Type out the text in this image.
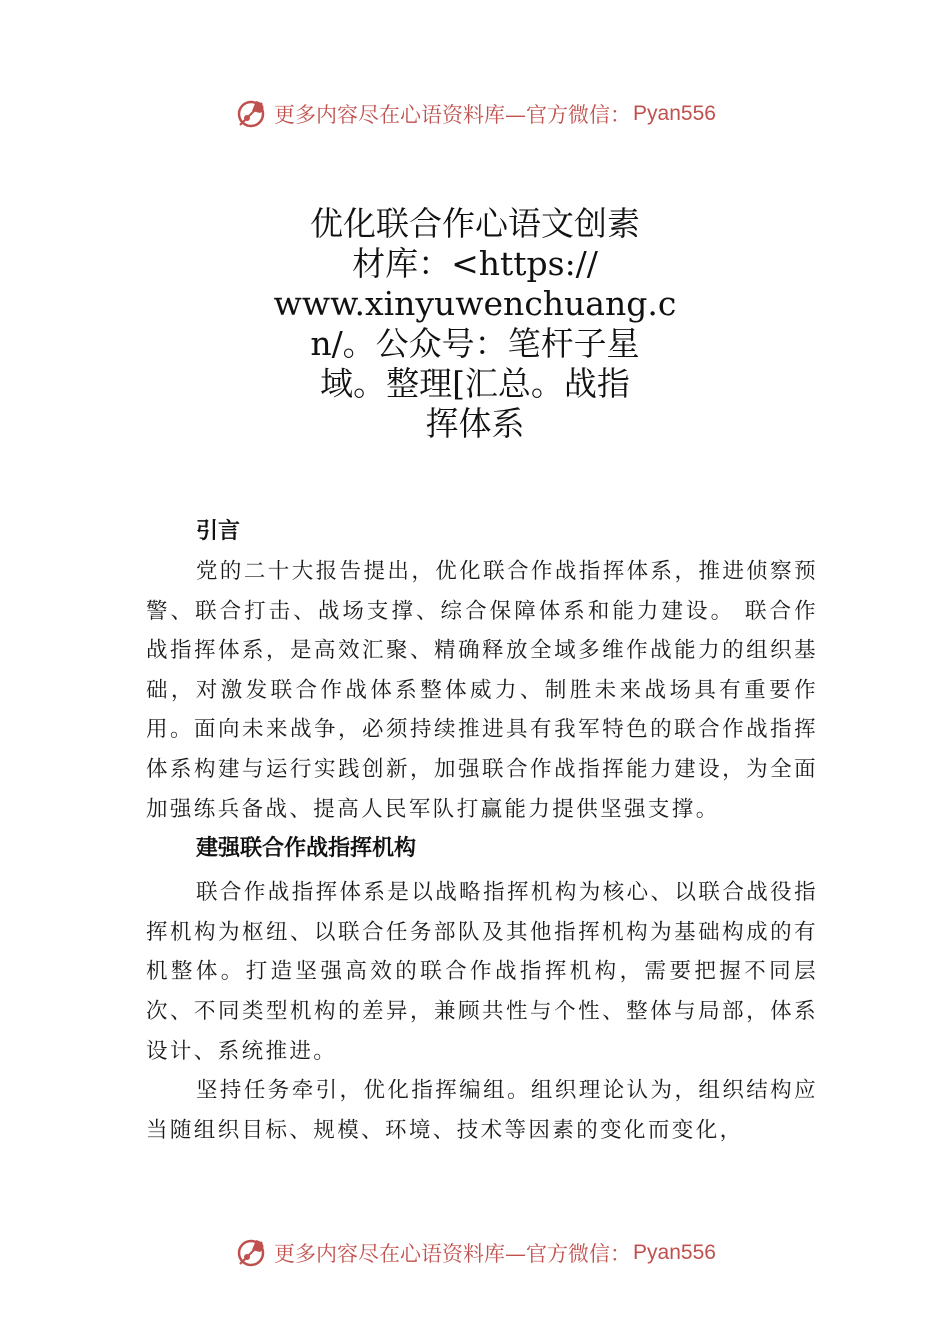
更多内容尽在心语资料库—官方微信： Pyan556
优化联合作心语文创素
材库：<https://
www.xinyuwenchuang.c
n/。公众号：笔杆子星
域。整理[汇总。战指
挥体系
引言

党的二十大报告提出，优化联合作战指挥体系，推进侦察预警、联合打击、战场支撑、综合保障体系和能力建设。 联合作战指挥体系，是高效汇聚、精确释放全域多维作战能力的组织基础，对激发联合作战体系整体威力、制胜未来战场具有重要作用。面向未来战争，必须持续推进具有我军特色的联合作战指挥体系构建与运行实践创新，加强联合作战指挥能力建设，为全面加强练兵备战、提高人民军队打赢能力提供坚强支撑。

建强联合作战指挥机构

联合作战指挥体系是以战略指挥机构为核心、以联合战役指挥机构为枢纽、以联合任务部队及其他指挥机构为基础构成的有机整体。打造坚强高效的联合作战指挥机构，需要把握不同层次、不同类型机构的差异，兼顾共性与个性、整体与局部，体系设计、系统推进。

坚持任务牵引，优化指挥编组。组织理论认为，组织结构应当随组织目标、规模、环境、技术等因素的变化而变化，

更多内容尽在心语资料库—官方微信： Pyan556
